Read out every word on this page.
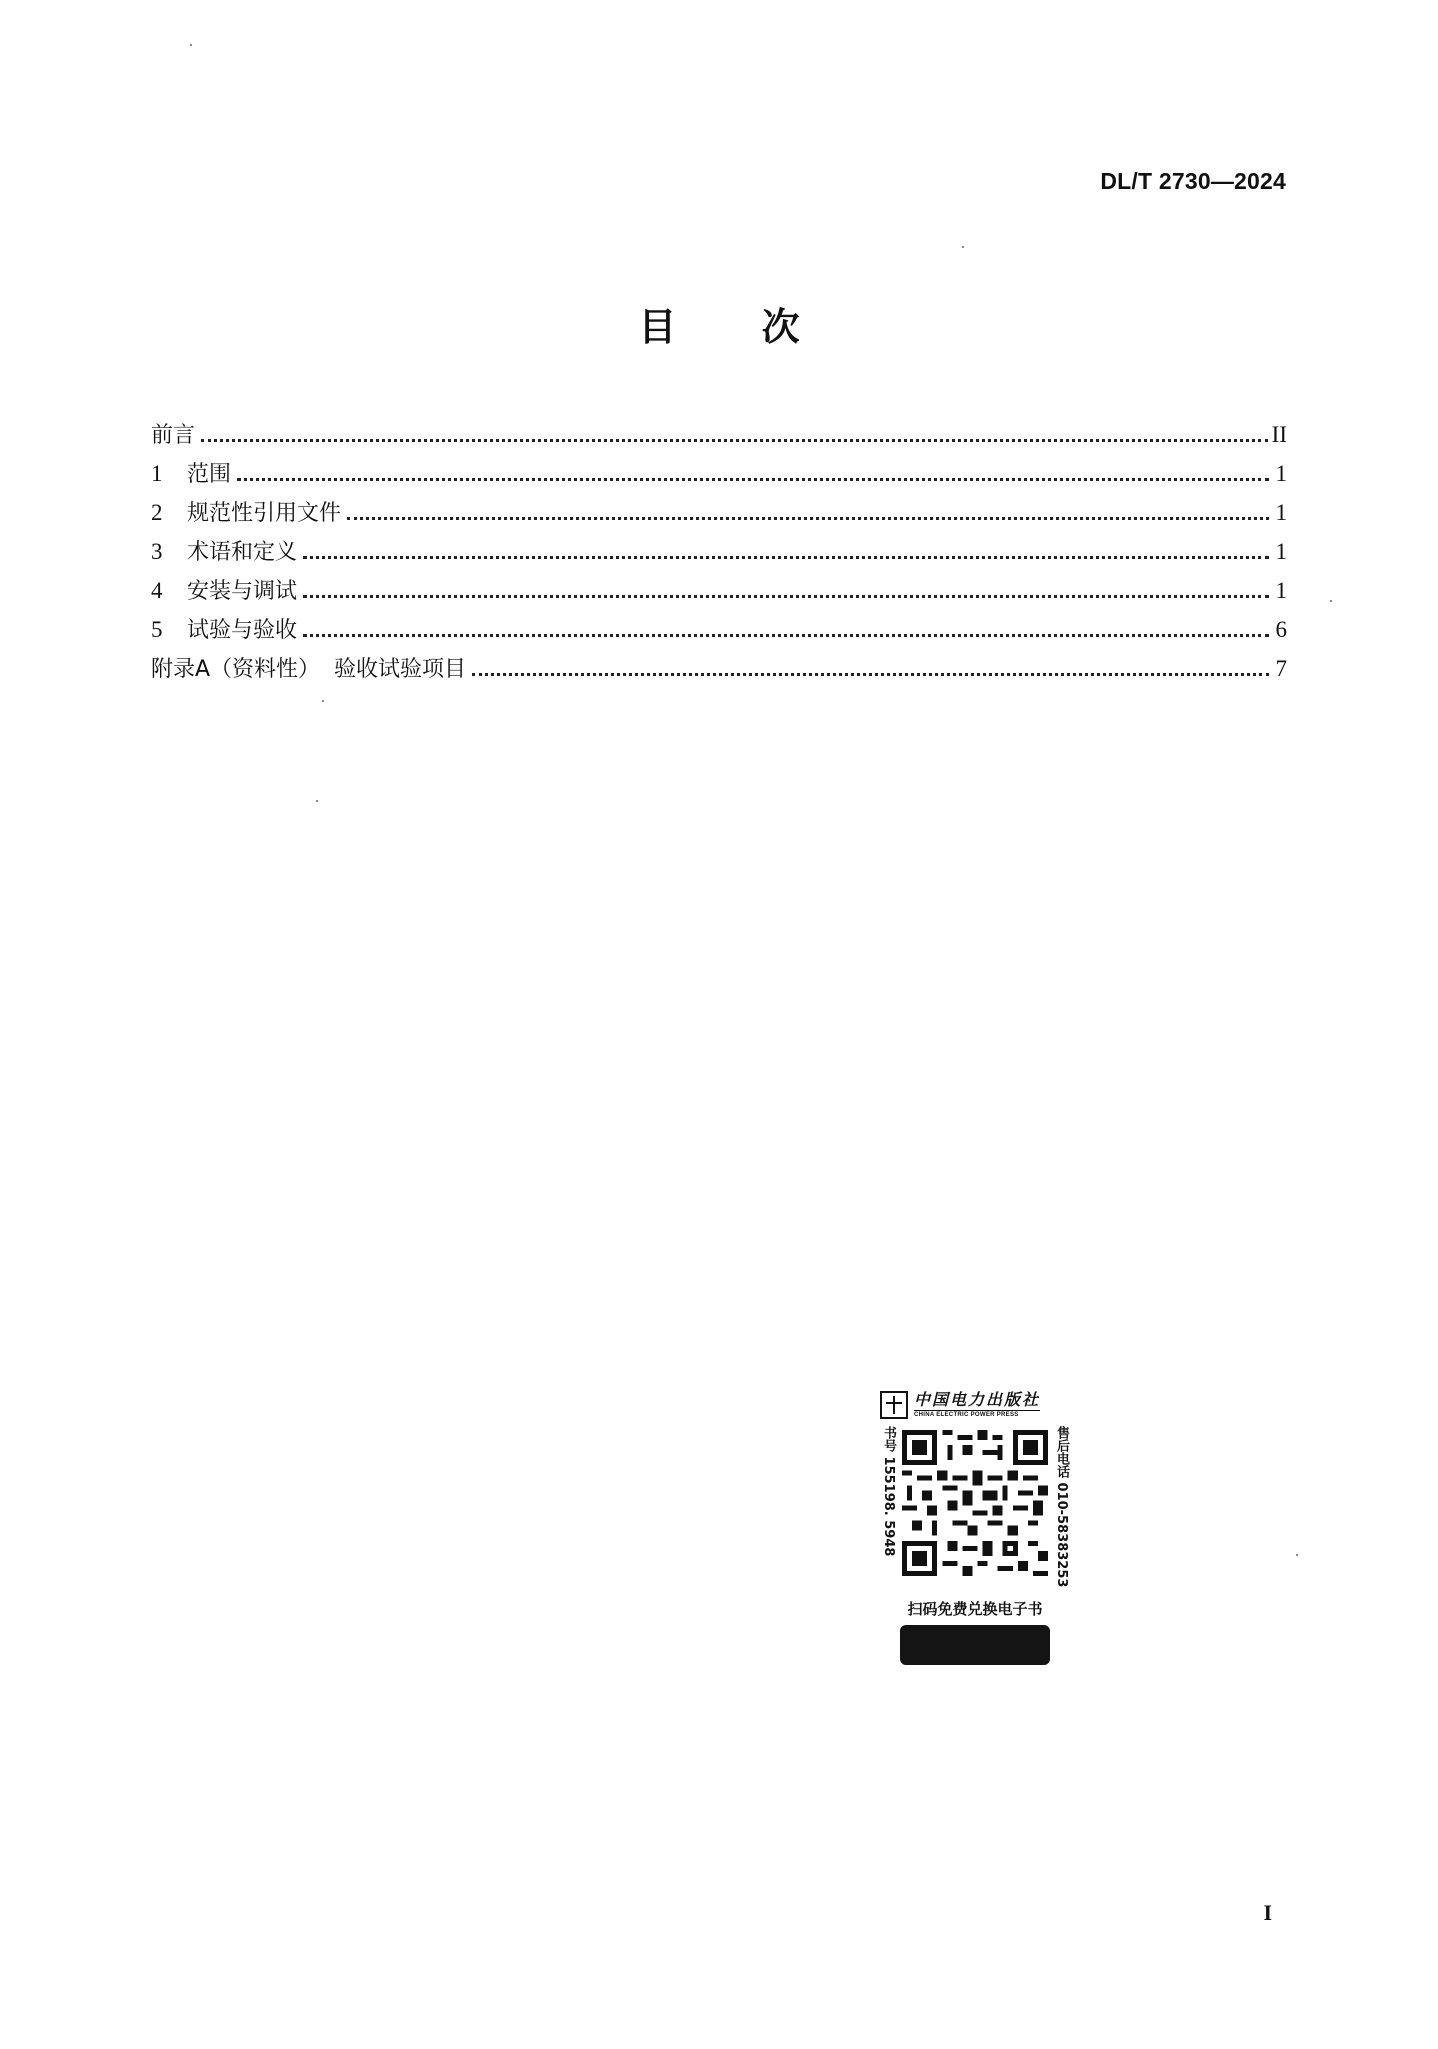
DL/T 2730—2024
目 次
前言	II
1	范围	1
2	规范性引用文件	1
3	术语和定义	1
4	安装与调试	1
5	试验与验收	6
附录A（资料性）  验收试验项目	7
中国电力出版社
CHINA ELECTRIC POWER PRESS
书号 155198. 5948	售后电话 010-58383253
扫码免费兑换电子书
I
